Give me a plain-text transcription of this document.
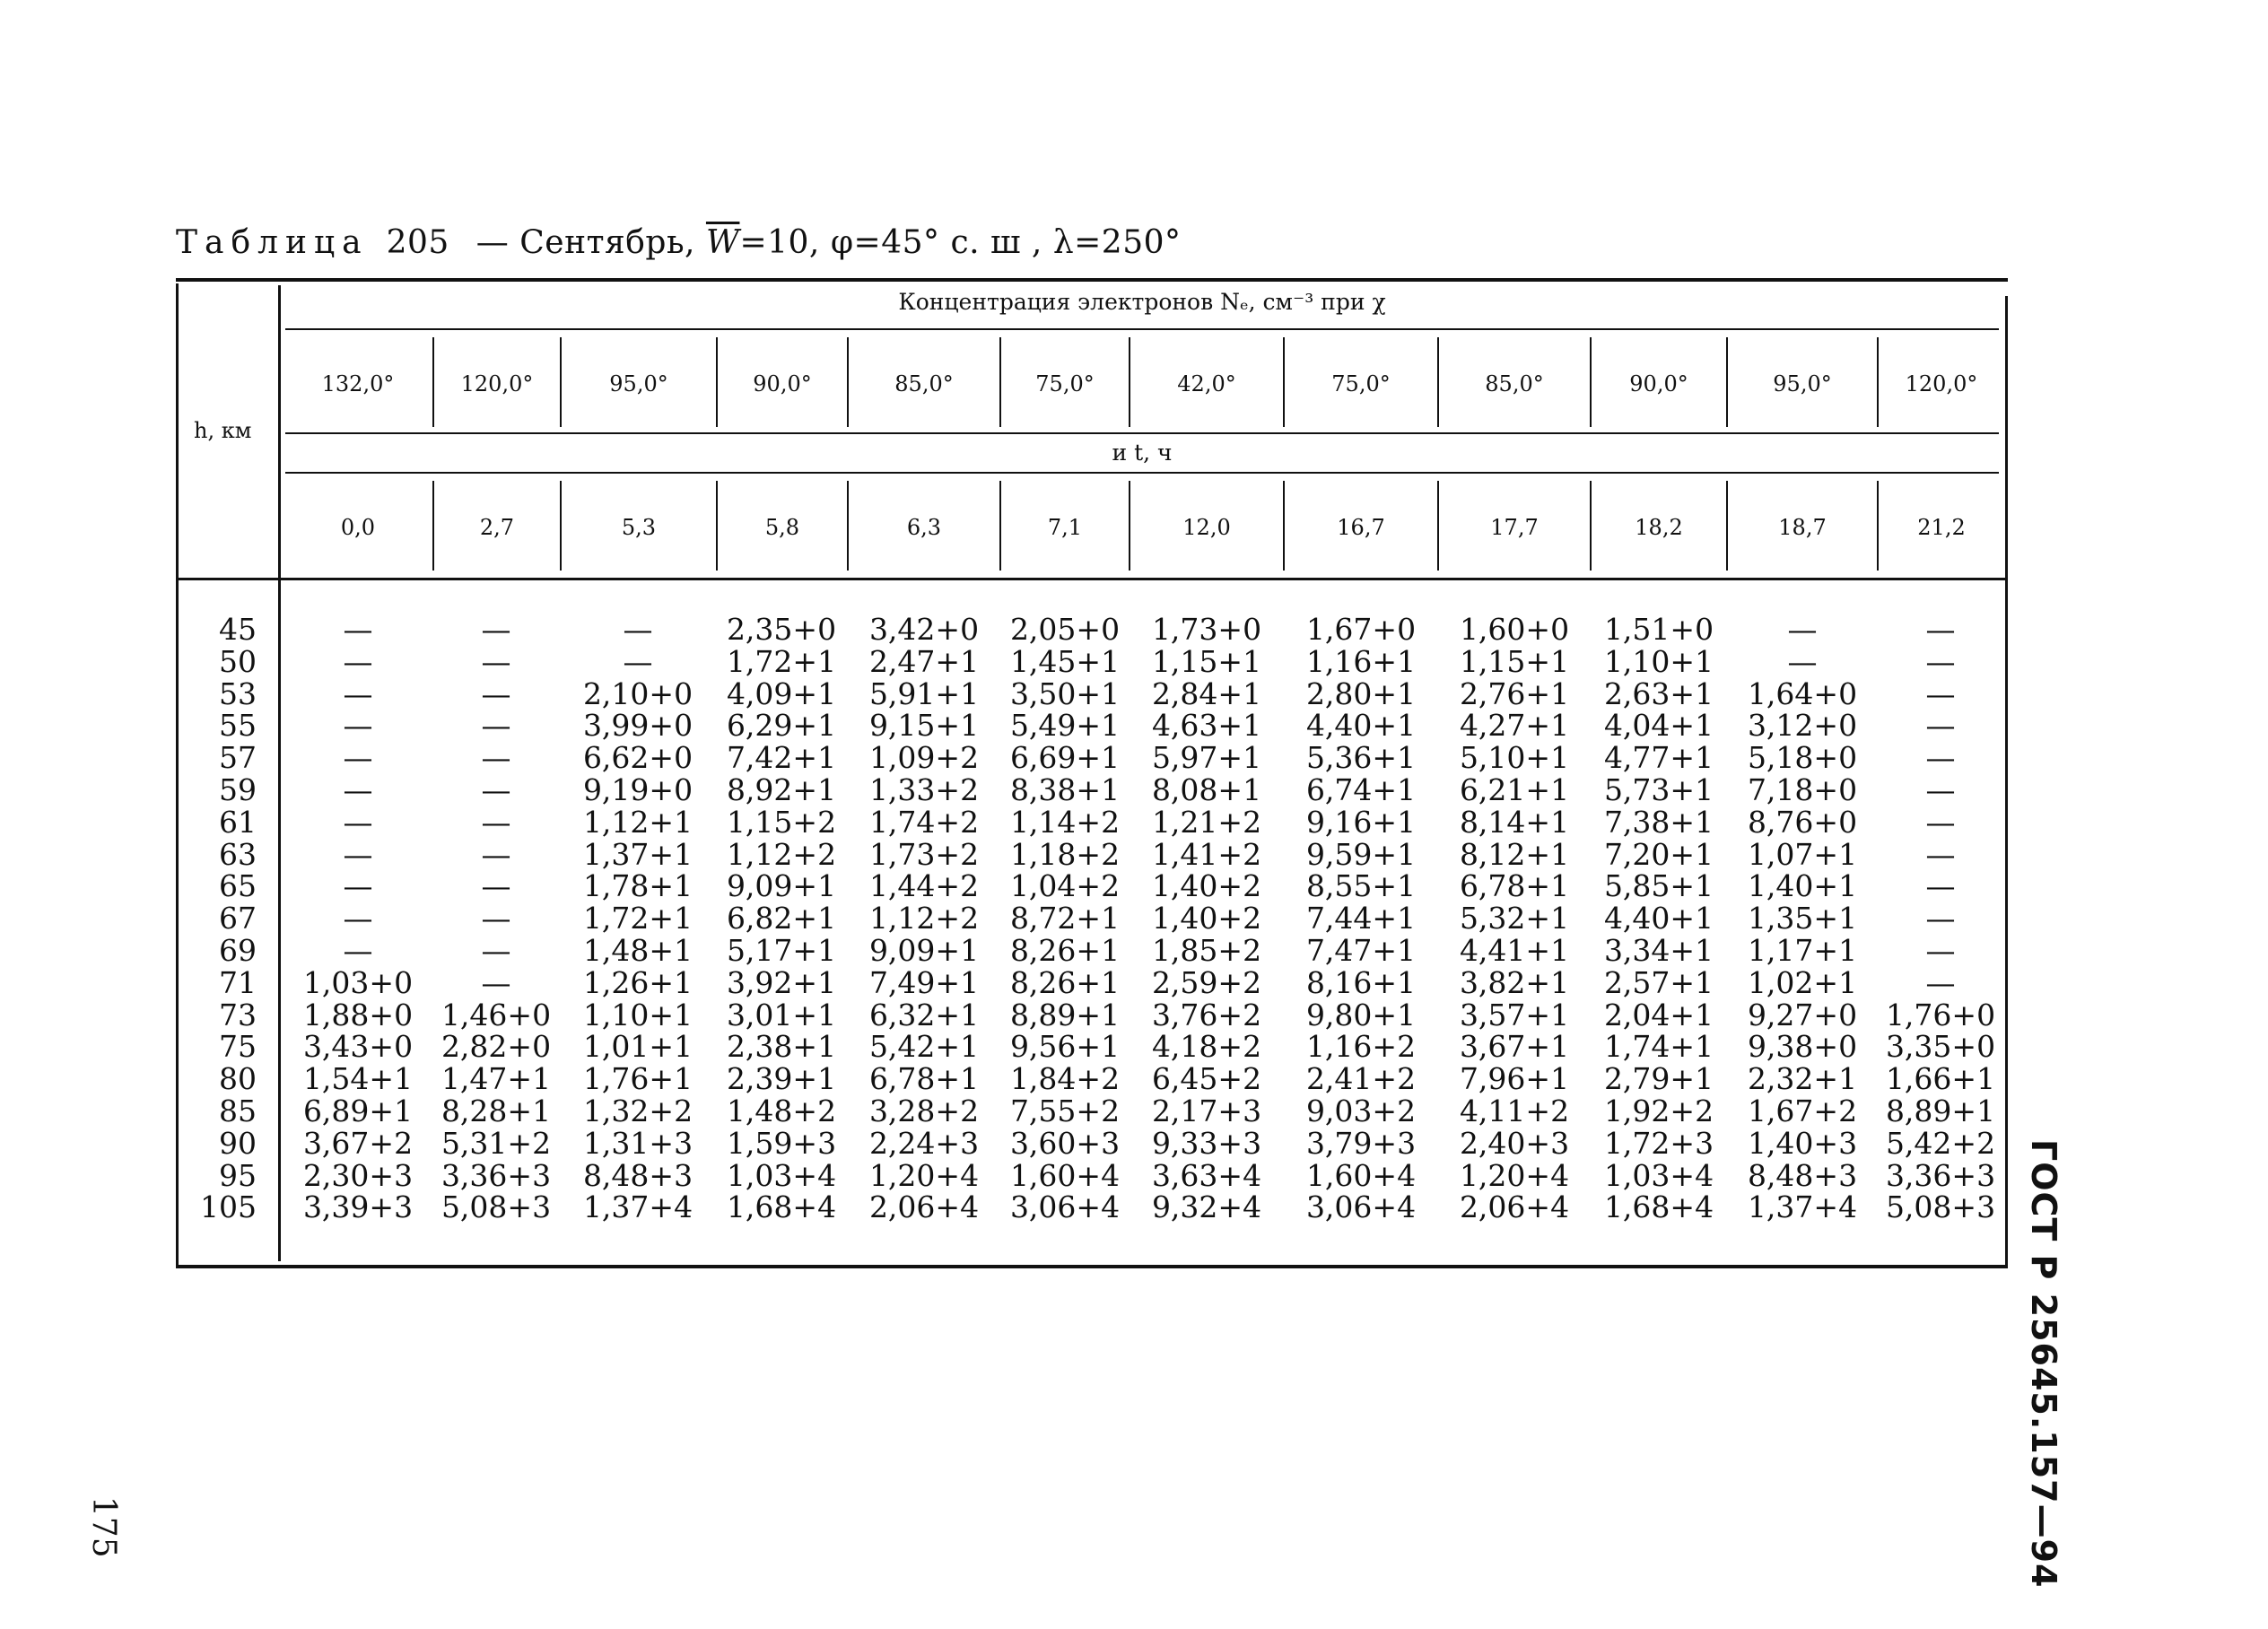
Таблица 205 — Сентябрь, $\overline{W}=10$, φ=45° с. ш , λ=250°
Концентрация электронов Nₑ, см⁻³ при χ
и t, ч
h, км
132,0°	120,0°	95,0°	90,0°	85,0°	75,0°	42,0°	75,0°	85,0°	90,0°	95,0°	120,0°
0,0	2,7	5,3	5,8	6,3	7,1	12,0	16,7	17,7	18,2	18,7	21,2
45	—	—	—	2,35+0	3,42+0	2,05+0	1,73+0	1,67+0	1,60+0	1,51+0	—	—
50	—	—	—	1,72+1	2,47+1	1,45+1	1,15+1	1,16+1	1,15+1	1,10+1	—	—
53	—	—	2,10+0	4,09+1	5,91+1	3,50+1	2,84+1	2,80+1	2,76+1	2,63+1	1,64+0	—
55	—	—	3,99+0	6,29+1	9,15+1	5,49+1	4,63+1	4,40+1	4,27+1	4,04+1	3,12+0	—
57	—	—	6,62+0	7,42+1	1,09+2	6,69+1	5,97+1	5,36+1	5,10+1	4,77+1	5,18+0	—
59	—	—	9,19+0	8,92+1	1,33+2	8,38+1	8,08+1	6,74+1	6,21+1	5,73+1	7,18+0	—
61	—	—	1,12+1	1,15+2	1,74+2	1,14+2	1,21+2	9,16+1	8,14+1	7,38+1	8,76+0	—
63	—	—	1,37+1	1,12+2	1,73+2	1,18+2	1,41+2	9,59+1	8,12+1	7,20+1	1,07+1	—
65	—	—	1,78+1	9,09+1	1,44+2	1,04+2	1,40+2	8,55+1	6,78+1	5,85+1	1,40+1	—
67	—	—	1,72+1	6,82+1	1,12+2	8,72+1	1,40+2	7,44+1	5,32+1	4,40+1	1,35+1	—
69	—	—	1,48+1	5,17+1	9,09+1	8,26+1	1,85+2	7,47+1	4,41+1	3,34+1	1,17+1	—
71	1,03+0	—	1,26+1	3,92+1	7,49+1	8,26+1	2,59+2	8,16+1	3,82+1	2,57+1	1,02+1	—
73	1,88+0 1,46+0	1,10+1	3,01+1	6,32+1	8,89+1	3,76+2	9,80+1	3,57+1	2,04+1	9,27+0 1,76+0
75	3,43+0 2,82+0	1,01+1	2,38+1	5,42+1	9,56+1	4,18+2	1,16+2	3,67+1	1,74+1	9,38+0 3,35+0
80	1,54+1 1,47+1	1,76+1	2,39+1	6,78+1	1,84+2	6,45+2	2,41+2	7,96+1	2,79+1	2,32+1 1,66+1
85	6,89+1 8,28+1	1,32+2	1,48+2	3,28+2	7,55+2	2,17+3	9,03+2	4,11+2	1,92+2	1,67+2 8,89+1
90	3,67+2 5,31+2	1,31+3	1,59+3	2,24+3	3,60+3	9,33+3	3,79+3	2,40+3	1,72+3	1,40+3 5,42+2
95	2,30+3 3,36+3	8,48+3	1,03+4	1,20+4	1,60+4	3,63+4	1,60+4	1,20+4	1,03+4	8,48+3 3,36+3
105	3,39+3 5,08+3	1,37+4	1,68+4	2,06+4	3,06+4	9,32+4	3,06+4	2,06+4	1,68+4	1,37+4 5,08+3 ГОСТ Р 25645.157—94
175
